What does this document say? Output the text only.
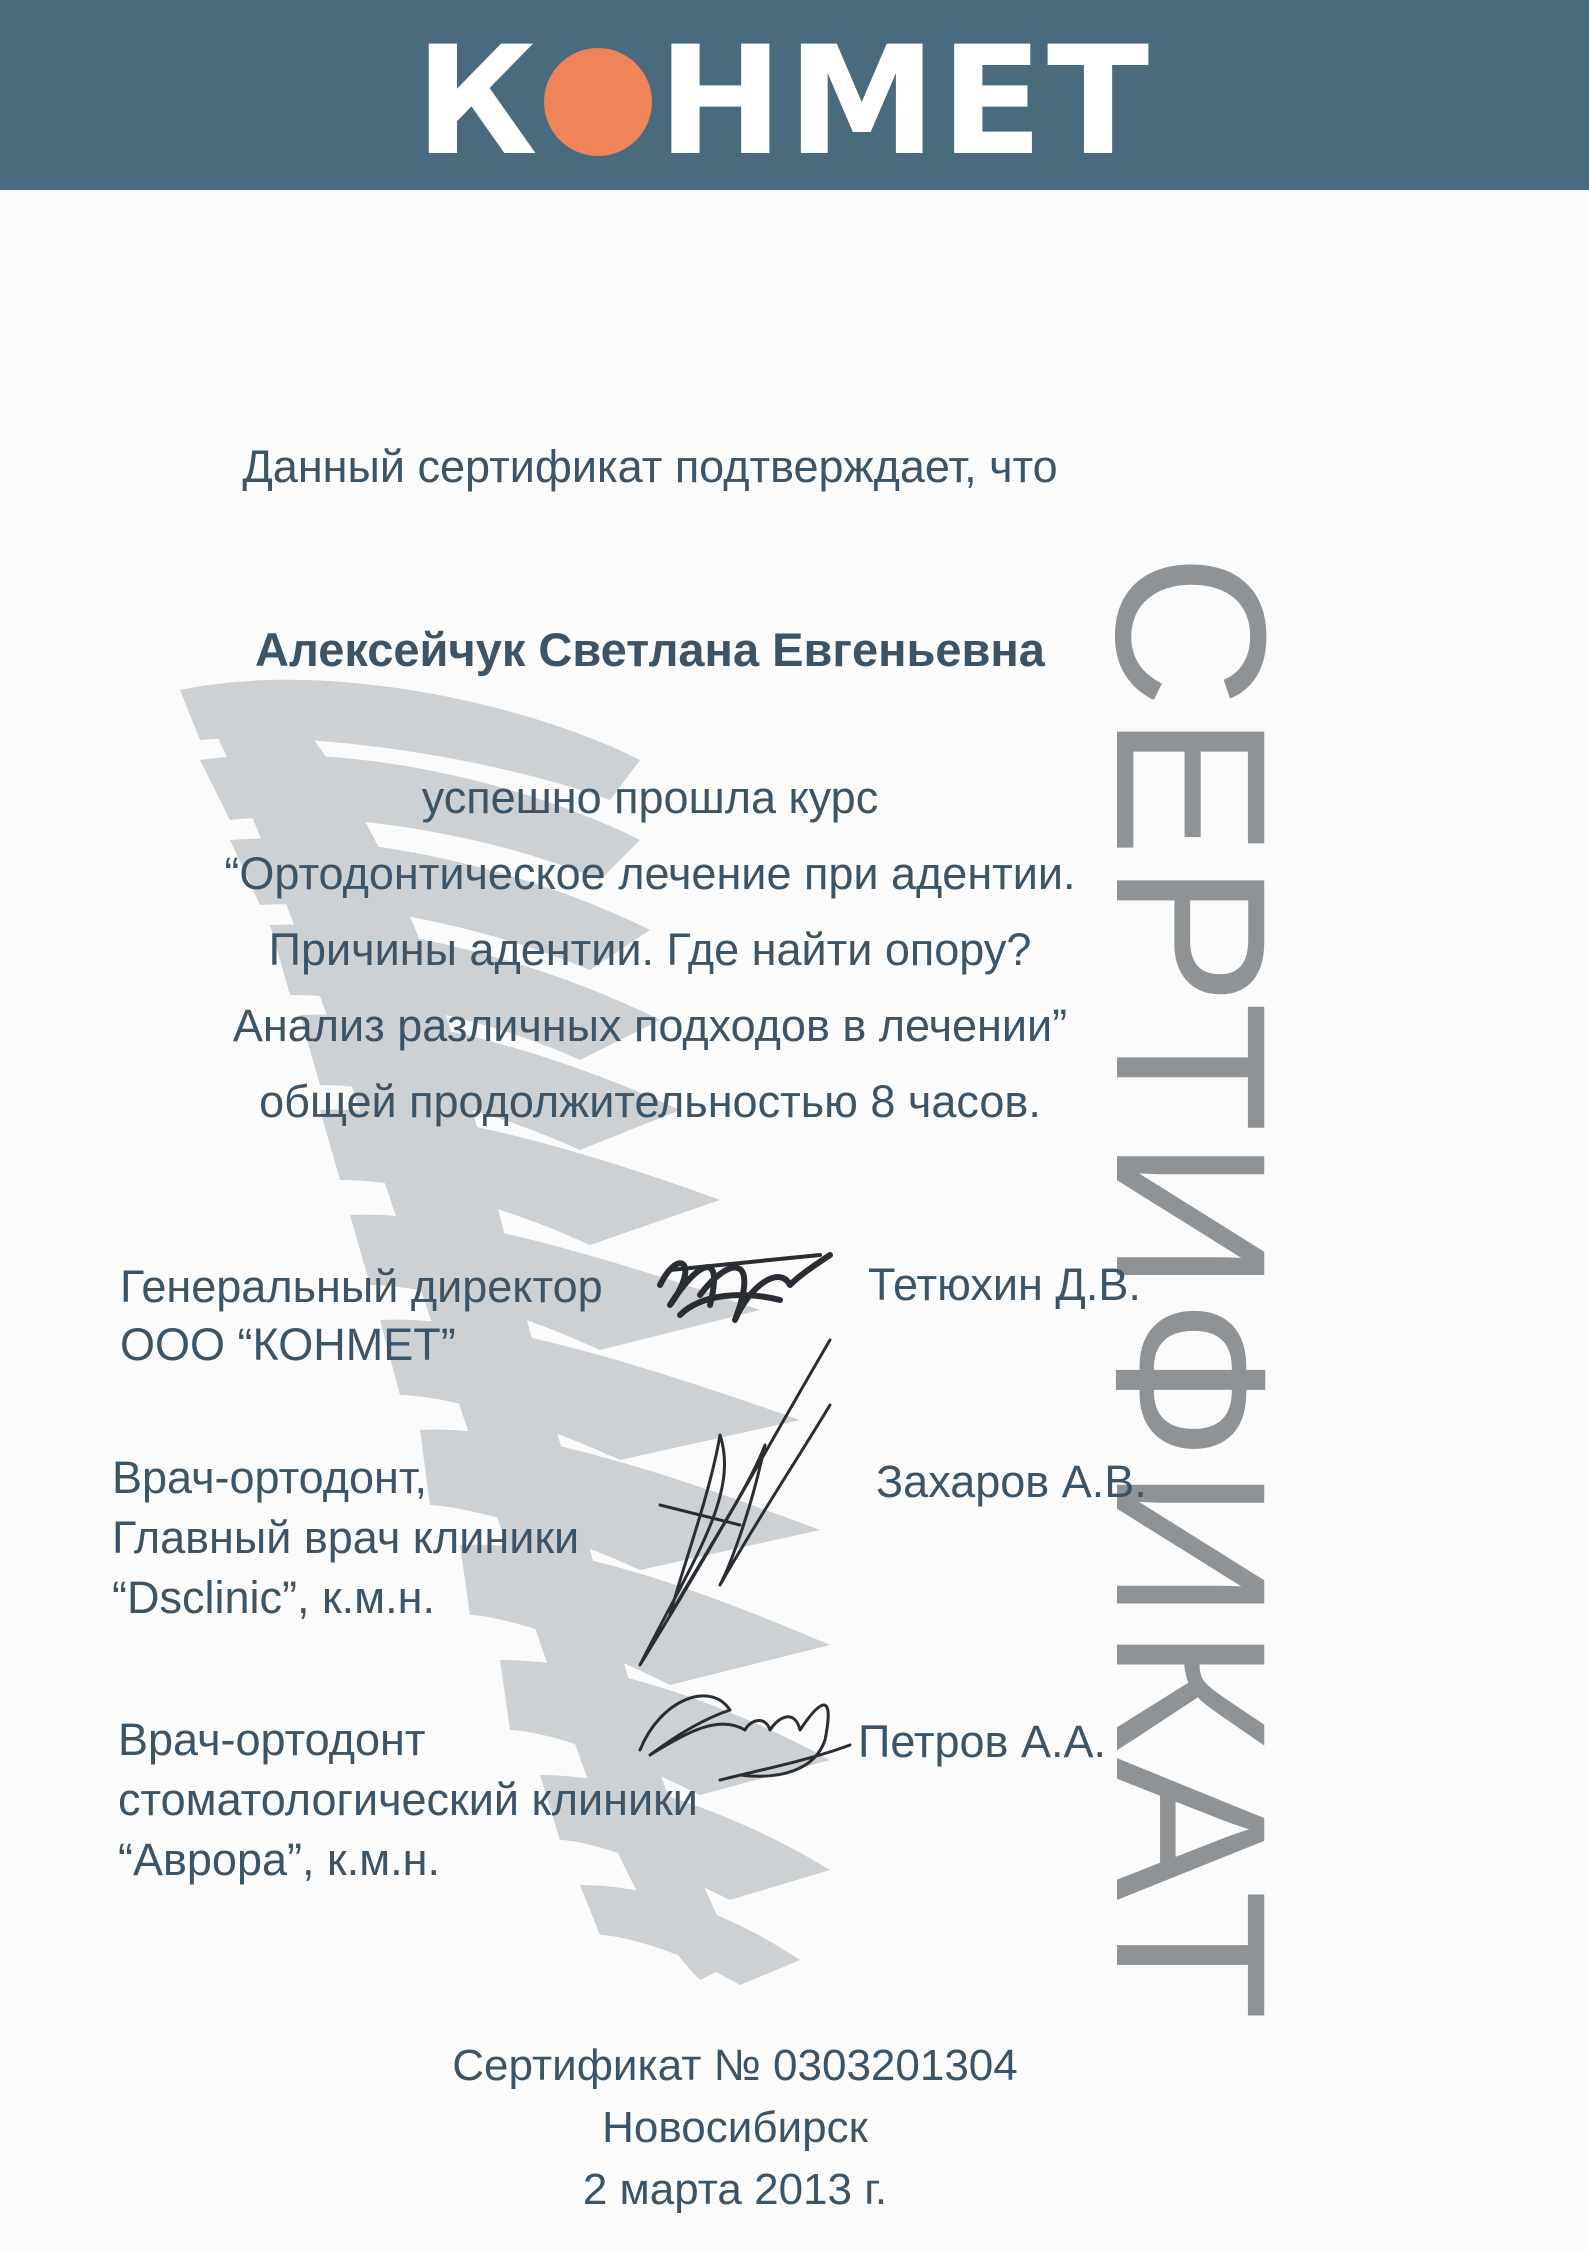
К НМЕТ
СЕРТИФИКАТ
Данный сертификат подтверждает, что
Алексейчук Светлана Евгеньевна
успешно прошла курс
“Ортодонтическое лечение при адентии.
Причины адентии. Где найти опору?
Анализ различных подходов в лечении”
общей продолжительностью 8 часов.
Генеральный директор
ООО “КОНМЕТ”
Тетюхин Д.В.
Врач-ортодонт,
Главный врач клиники
“Dsclinic”, к.м.н.
Захаров А.В.
Врач-ортодонт
стоматологический клиники
“Аврора”, к.м.н.
Петров А.А.
Сертификат № 0303201304
Новосибирск
2 марта 2013 г.
